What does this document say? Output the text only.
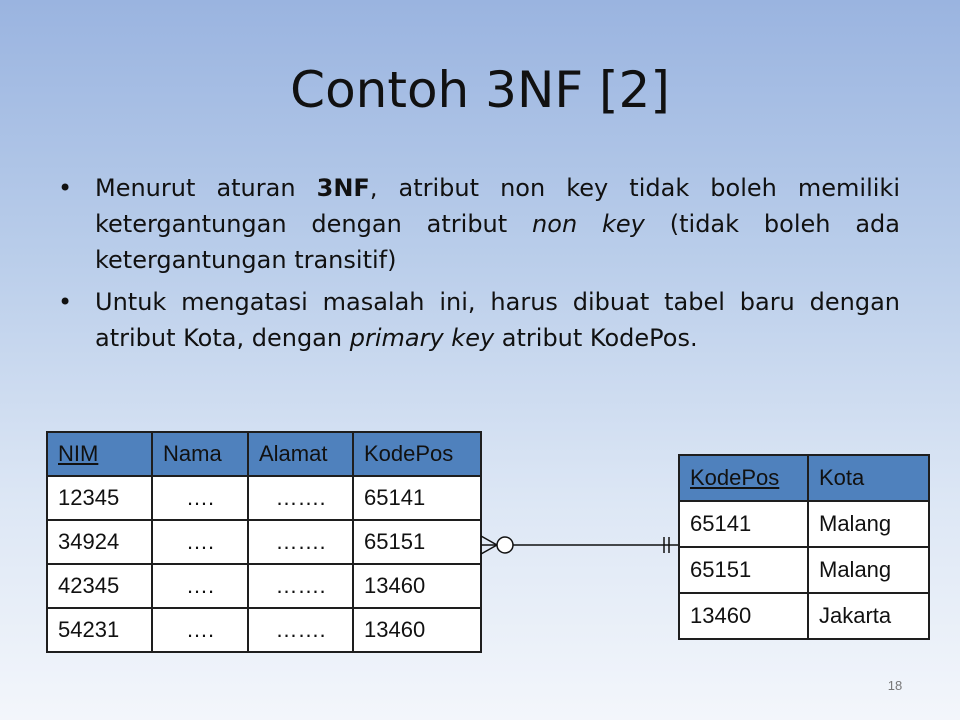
Contoh 3NF [2]
• Menurut aturan 3NF, atribut non key tidak boleh memiliki ketergantungan dengan atribut non key (tidak boleh ada ketergantungan transitif)
• Untuk mengatasi masalah ini, harus dibuat tabel baru dengan atribut Kota, dengan primary key atribut KodePos.
NIM	Nama	Alamat	KodePos
12345	….	…….	65141
34924	….	…….	65151
42345	….	…….	13460
54231	….	…….	13460
KodePos	Kota
65141	Malang
65151	Malang
13460	Jakarta
18
